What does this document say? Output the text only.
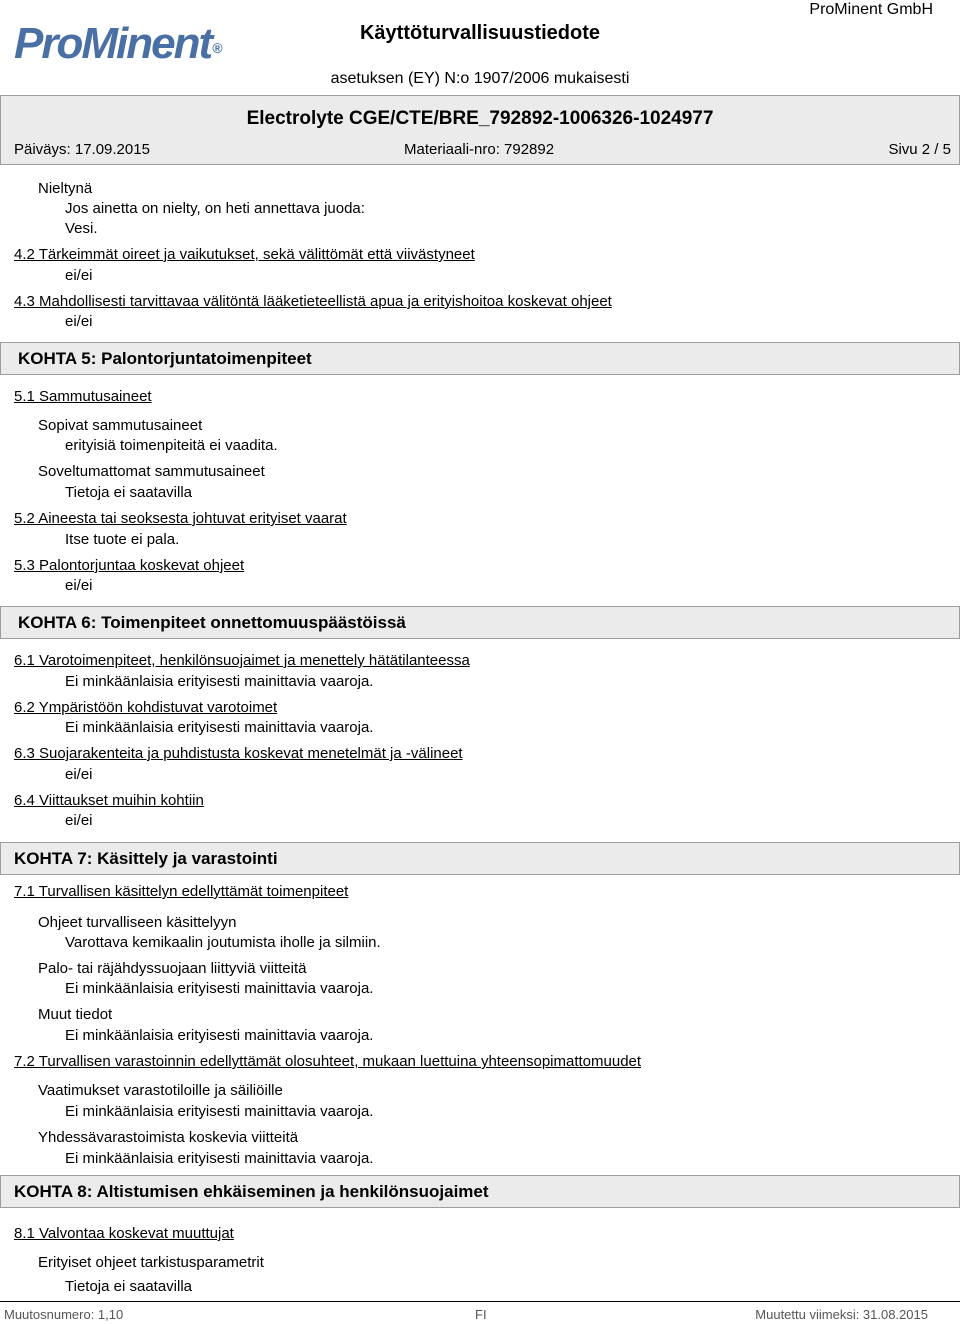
ProMinent®
Käyttöturvallisuustiedote
ProMinent GmbH
asetuksen (EY) N:o 1907/2006 mukaisesti
Electrolyte CGE/CTE/BRE_792892-1006326-1024977
Päiväys: 17.09.2015	Materiaali-nro: 792892	Sivu 2 / 5
Nieltynä
Jos ainetta on nielty, on heti annettava juoda:
Vesi.
4.2 Tärkeimmät oireet ja vaikutukset, sekä välittömät että viivästyneet
ei/ei
4.3 Mahdollisesti tarvittavaa välitöntä lääketieteellistä apua ja erityishoitoa koskevat ohjeet
ei/ei
KOHTA 5: Palontorjuntatoimenpiteet
5.1 Sammutusaineet
Sopivat sammutusaineet
erityisiä toimenpiteitä ei vaadita.
Soveltumattomat sammutusaineet
Tietoja ei saatavilla
5.2 Aineesta tai seoksesta johtuvat erityiset vaarat
Itse tuote ei pala.
5.3 Palontorjuntaa koskevat ohjeet
ei/ei
KOHTA 6: Toimenpiteet onnettomuuspäästöissä
6.1 Varotoimenpiteet, henkilönsuojaimet ja menettely hätätilanteessa
Ei minkäänlaisia erityisesti mainittavia vaaroja.
6.2 Ympäristöön kohdistuvat varotoimet
Ei minkäänlaisia erityisesti mainittavia vaaroja.
6.3 Suojarakenteita ja puhdistusta koskevat menetelmät ja -välineet
ei/ei
6.4 Viittaukset muihin kohtiin
ei/ei
KOHTA 7: Käsittely ja varastointi
7.1 Turvallisen käsittelyn edellyttämät toimenpiteet
Ohjeet turvalliseen käsittelyyn
Varottava kemikaalin joutumista iholle ja silmiin.
Palo- tai räjähdyssuojaan liittyviä viitteitä
Ei minkäänlaisia erityisesti mainittavia vaaroja.
Muut tiedot
Ei minkäänlaisia erityisesti mainittavia vaaroja.
7.2 Turvallisen varastoinnin edellyttämät olosuhteet, mukaan luettuina yhteensopimattomuudet
Vaatimukset varastotiloille ja säiliöille
Ei minkäänlaisia erityisesti mainittavia vaaroja.
Yhdessävarastoimista koskevia viitteitä
Ei minkäänlaisia erityisesti mainittavia vaaroja.
KOHTA 8: Altistumisen ehkäiseminen ja henkilönsuojaimet
8.1 Valvontaa koskevat muuttujat
Erityiset ohjeet tarkistusparametrit
Tietoja ei saatavilla
Muutosnumero: 1,10	FI	Muutettu viimeksi: 31.08.2015
